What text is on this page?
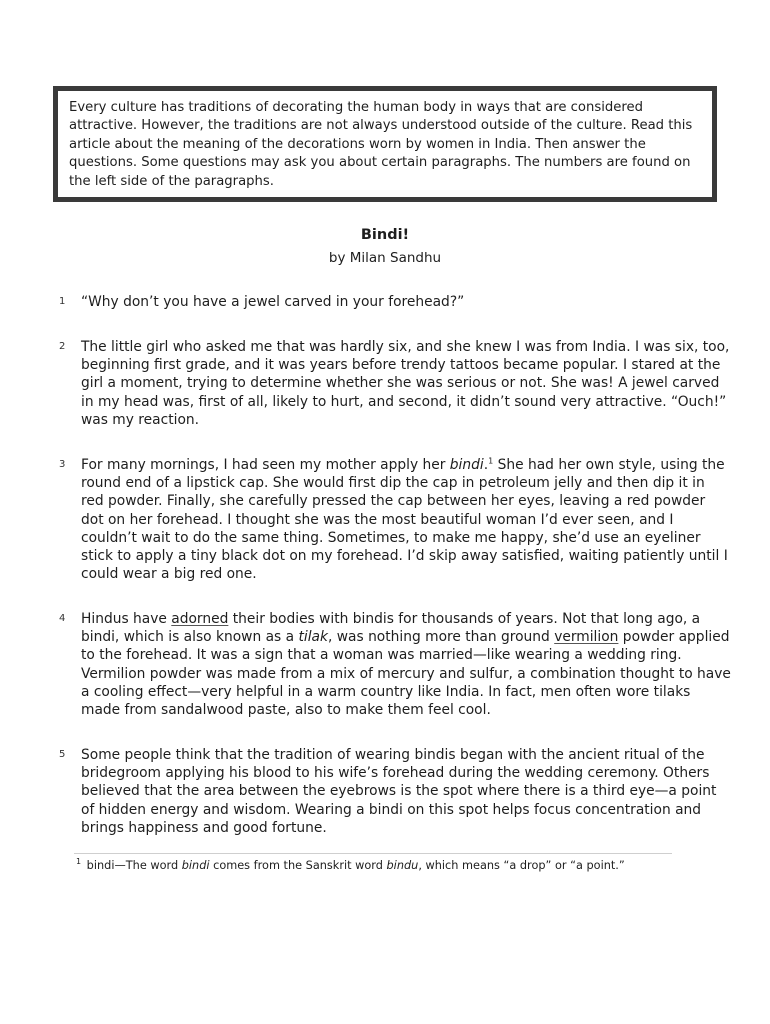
Every culture has traditions of decorating the human body in ways that are considered attractive. However, the traditions are not always understood outside of the culture. Read this article about the meaning of the decorations worn by women in India. Then answer the questions. Some questions may ask you about certain paragraphs. The numbers are found on the left side of the paragraphs.
Bindi!
by Milan Sandhu
1 “Why don’t you have a jewel carved in your forehead?”

2 The little girl who asked me that was hardly six, and she knew I was from India. I was six, too, beginning first grade, and it was years before trendy tattoos became popular. I stared at the girl a moment, trying to determine whether she was serious or not. She was! A jewel carved in my head was, first of all, likely to hurt, and second, it didn’t sound very attractive. “Ouch!” was my reaction.

3 For many mornings, I had seen my mother apply her bindi.$^1$ She had her own style, using the round end of a lipstick cap. She would first dip the cap in petroleum jelly and then dip it in red powder. Finally, she carefully pressed the cap between her eyes, leaving a red powder dot on her forehead. I thought she was the most beautiful woman I’d ever seen, and I couldn’t wait to do the same thing. Sometimes, to make me happy, she’d use an eyeliner stick to apply a tiny black dot on my forehead. I’d skip away satisfied, waiting patiently until I could wear a big red one.

4 Hindus have adorned their bodies with bindis for thousands of years. Not that long ago, a bindi, which is also known as a tilak, was nothing more than ground vermilion powder applied to the forehead. It was a sign that a woman was married—like wearing a wedding ring. Vermilion powder was made from a mix of mercury and sulfur, a combination thought to have a cooling effect—very helpful in a warm country like India. In fact, men often wore tilaks made from sandalwood paste, also to make them feel cool.

5 Some people think that the tradition of wearing bindis began with the ancient ritual of the bridegroom applying his blood to his wife’s forehead during the wedding ceremony. Others believed that the area between the eyebrows is the spot where there is a third eye—a point of hidden energy and wisdom. Wearing a bindi on this spot helps focus concentration and brings happiness and good fortune.

$^1$ bindi—The word bindi comes from the Sanskrit word bindu, which means “a drop” or “a point.”
